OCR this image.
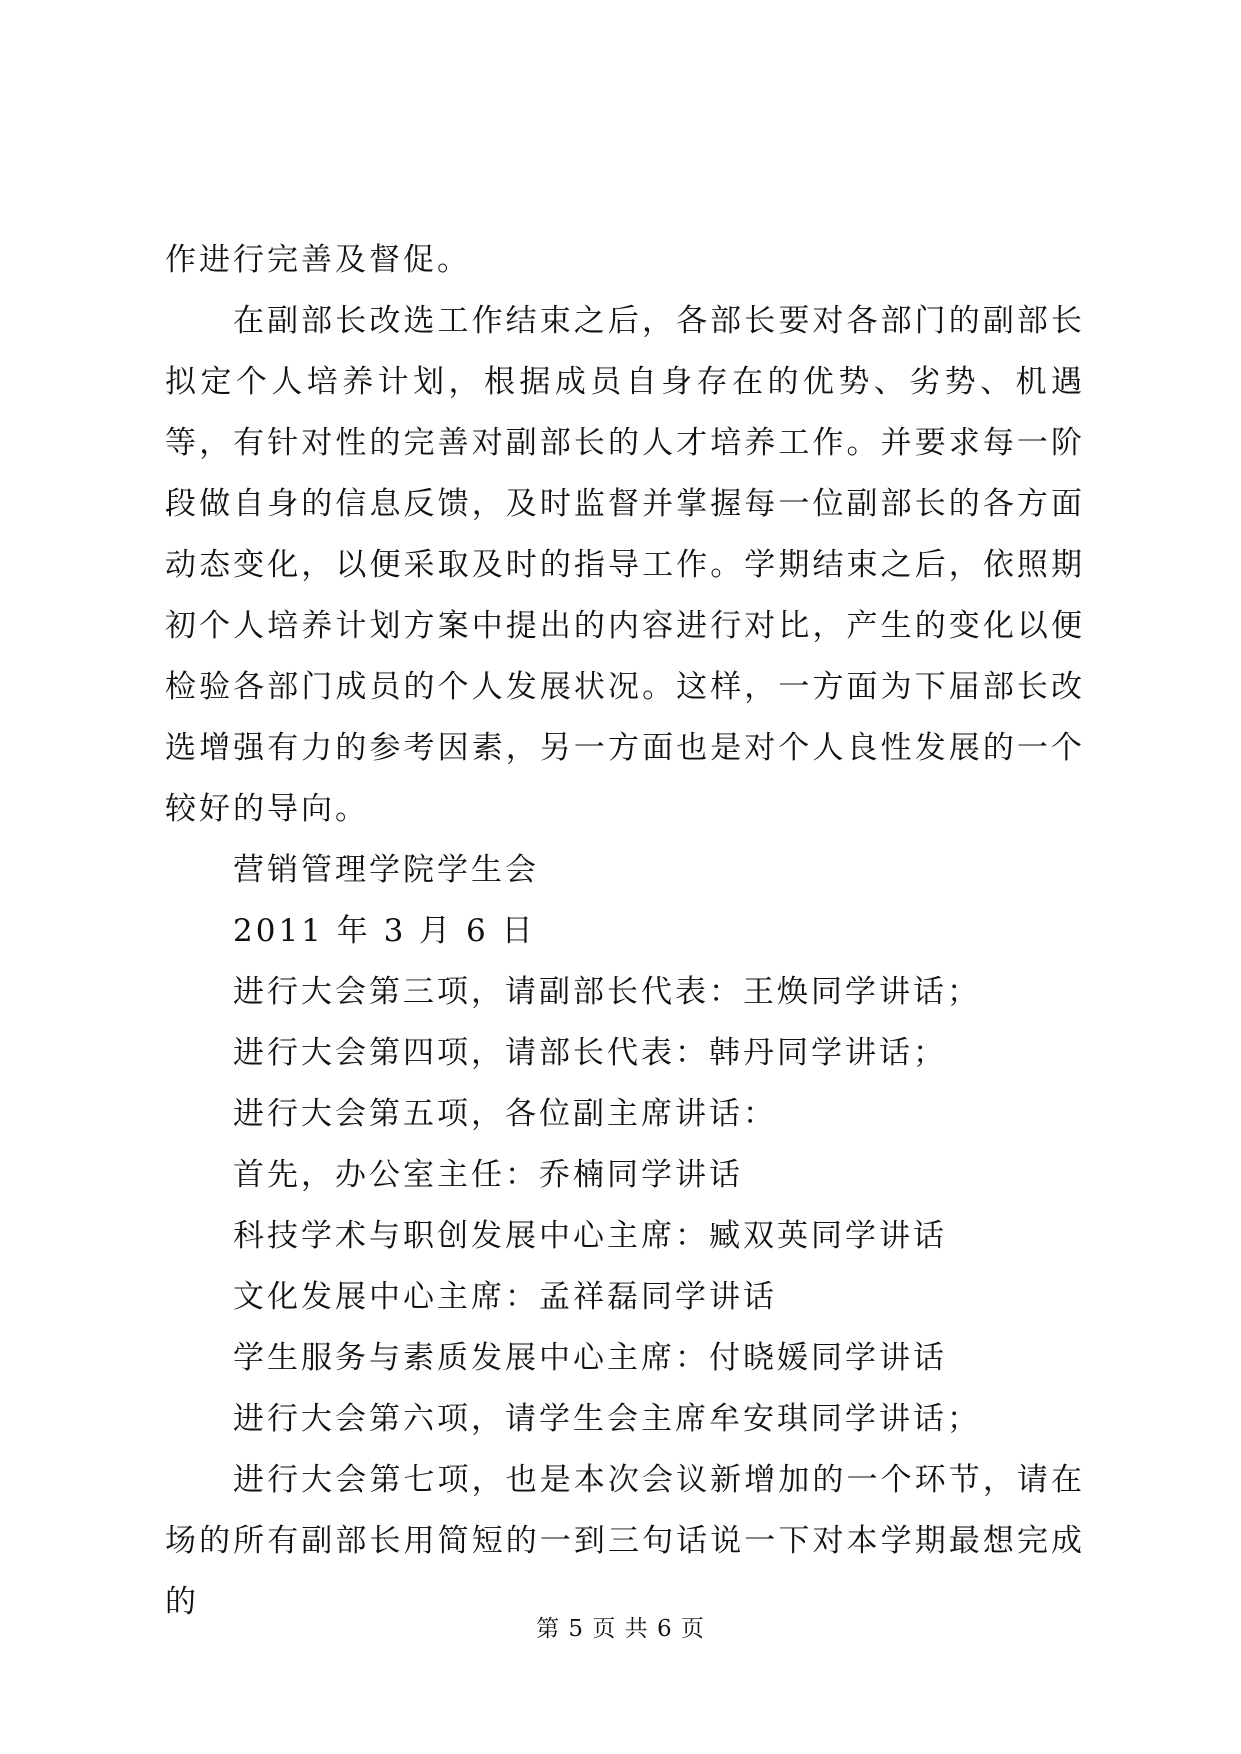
作进行完善及督促。

在副部长改选工作结束之后，各部长要对各部门的副部长拟定个人培养计划，根据成员自身存在的优势、劣势、机遇等，有针对性的完善对副部长的人才培养工作。并要求每一阶段做自身的信息反馈，及时监督并掌握每一位副部长的各方面动态变化，以便采取及时的指导工作。学期结束之后，依照期初个人培养计划方案中提出的内容进行对比，产生的变化以便检验各部门成员的个人发展状况。这样，一方面为下届部长改选增强有力的参考因素，另一方面也是对个人良性发展的一个较好的导向。

营销管理学院学生会
2011 年 3 月 6 日
进行大会第三项，请副部长代表：王焕同学讲话；
进行大会第四项，请部长代表：韩丹同学讲话；
进行大会第五项，各位副主席讲话：
首先，办公室主任：乔楠同学讲话
科技学术与职创发展中心主席：臧双英同学讲话
文化发展中心主席：孟祥磊同学讲话
学生服务与素质发展中心主席：付晓媛同学讲话
进行大会第六项，请学生会主席牟安琪同学讲话；

进行大会第七项，也是本次会议新增加的一个环节，请在场的所有副部长用简短的一到三句话说一下对本学期最想完成的

第 5 页 共 6 页
